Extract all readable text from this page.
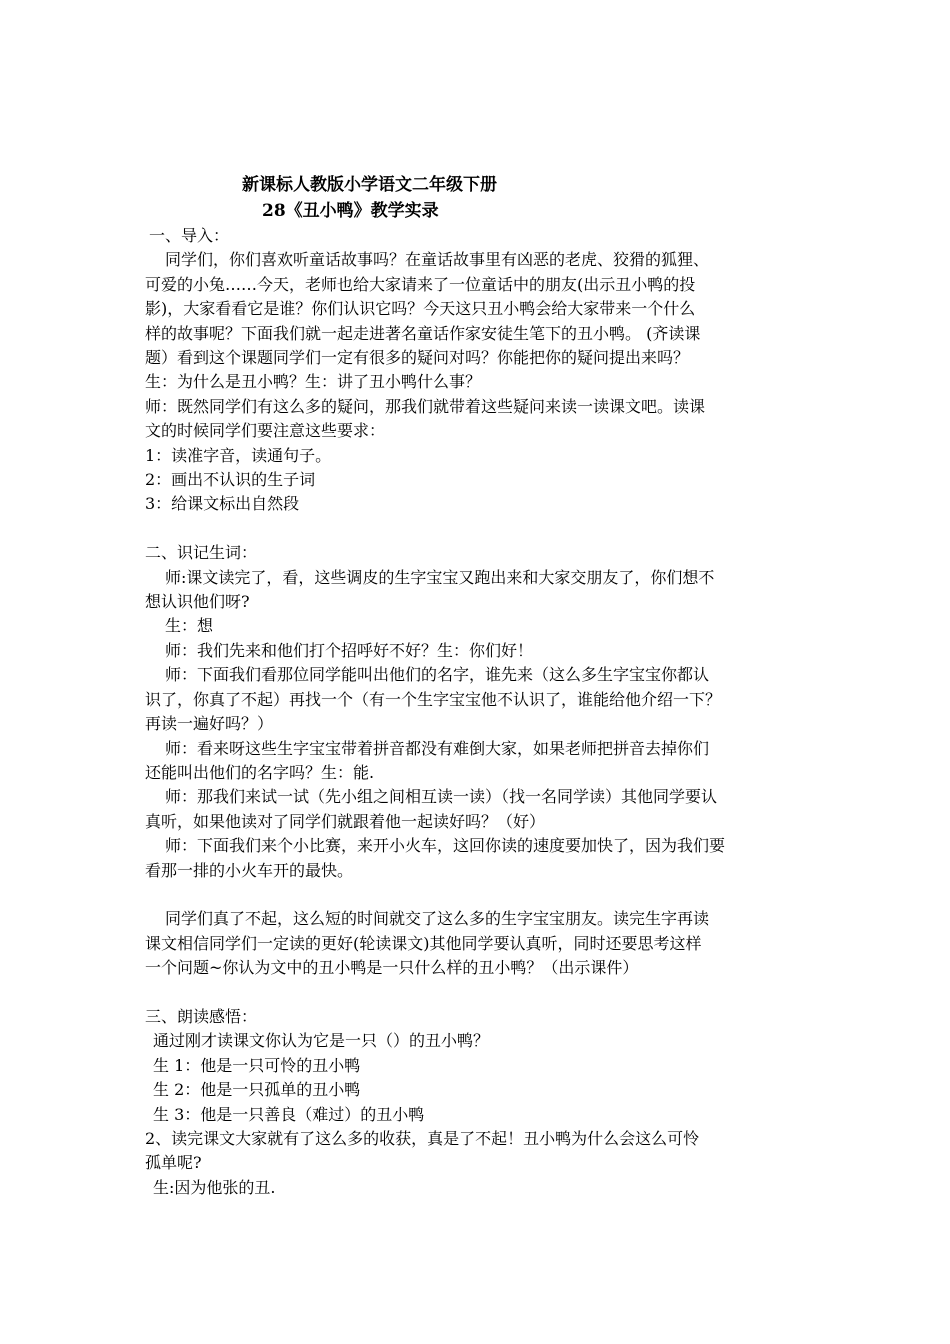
新课标人教版小学语文二年级下册
28《丑小鸭》教学实录
一、导入：
同学们，你们喜欢听童话故事吗？在童话故事里有凶恶的老虎、狡猾的狐狸、
可爱的小兔……今天，老师也给大家请来了一位童话中的朋友(出示丑小鸭的投
影)，大家看看它是谁？你们认识它吗？今天这只丑小鸭会给大家带来一个什么
样的故事呢？下面我们就一起走进著名童话作家安徒生笔下的丑小鸭。 (齐读课
题）看到这个课题同学们一定有很多的疑问对吗？你能把你的疑问提出来吗？
生：为什么是丑小鸭？生：讲了丑小鸭什么事？
师：既然同学们有这么多的疑问，那我们就带着这些疑问来读一读课文吧。读课
文的时候同学们要注意这些要求：
1：读准字音，读通句子。
2：画出不认识的生子词
3：给课文标出自然段
二、识记生词：
师:课文读完了，看，这些调皮的生字宝宝又跑出来和大家交朋友了，你们想不
想认识他们呀?
生：想
师：我们先来和他们打个招呼好不好？生：你们好！
师：下面我们看那位同学能叫出他们的名字，谁先来（这么多生字宝宝你都认
识了，你真了不起）再找一个（有一个生字宝宝他不认识了，谁能给他介绍一下？
再读一遍好吗？）
师：看来呀这些生字宝宝带着拼音都没有难倒大家，如果老师把拼音去掉你们
还能叫出他们的名字吗？生：能.
师：那我们来试一试（先小组之间相互读一读）（找一名同学读）其他同学要认
真听，如果他读对了同学们就跟着他一起读好吗？（好）
师：下面我们来个小比赛，来开小火车，这回你读的速度要加快了，因为我们要
看那一排的小火车开的最快。
同学们真了不起，这么短的时间就交了这么多的生字宝宝朋友。读完生字再读
课文相信同学们一定读的更好(轮读课文)其他同学要认真听，同时还要思考这样
一个问题~你认为文中的丑小鸭是一只什么样的丑小鸭？（出示课件）
三、朗读感悟：
通过刚才读课文你认为它是一只（）的丑小鸭？
生 1：他是一只可怜的丑小鸭
生 2：他是一只孤单的丑小鸭
生 3：他是一只善良（难过）的丑小鸭
2、读完课文大家就有了这么多的收获，真是了不起！丑小鸭为什么会这么可怜
孤单呢?
生:因为他张的丑.
